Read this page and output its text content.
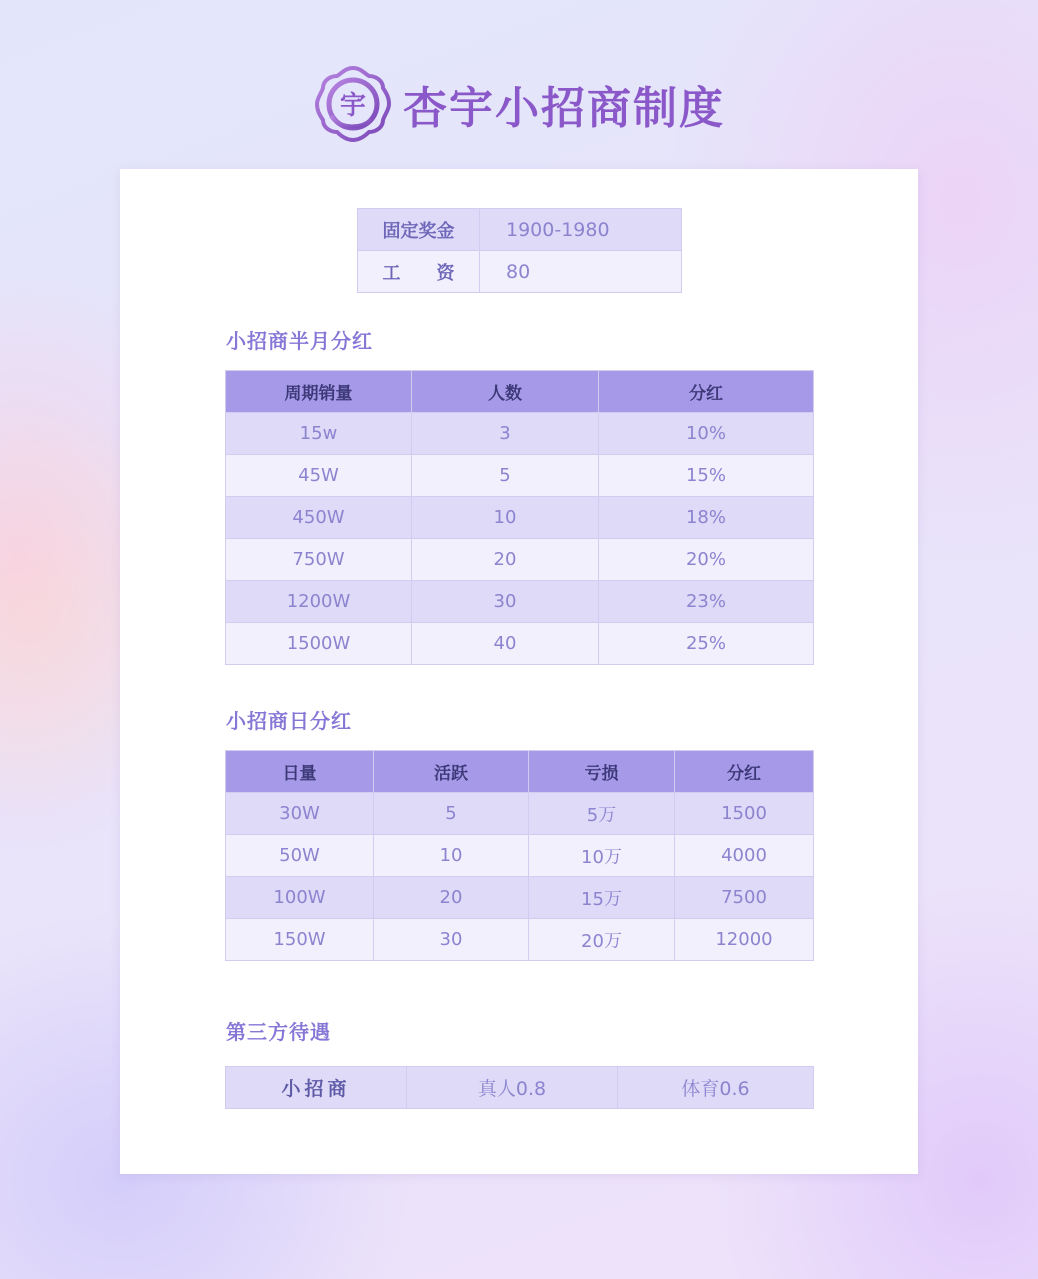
宇 杏宇小招商制度
固定奖金	1900-1980
工　　资	80
小招商半月分红
周期销量	人数	分红
15w	3	10%
45W	5	15%
450W	10	18%
750W	20	20%
1200W	30	23%
1500W	40	25%
小招商日分红
日量	活跃	亏损	分红
30W	5	5万	1500
50W	10	10万	4000
100W	20	15万	7500
150W	30	20万	12000
第三方待遇
小招商	真人0.8	体育0.6
